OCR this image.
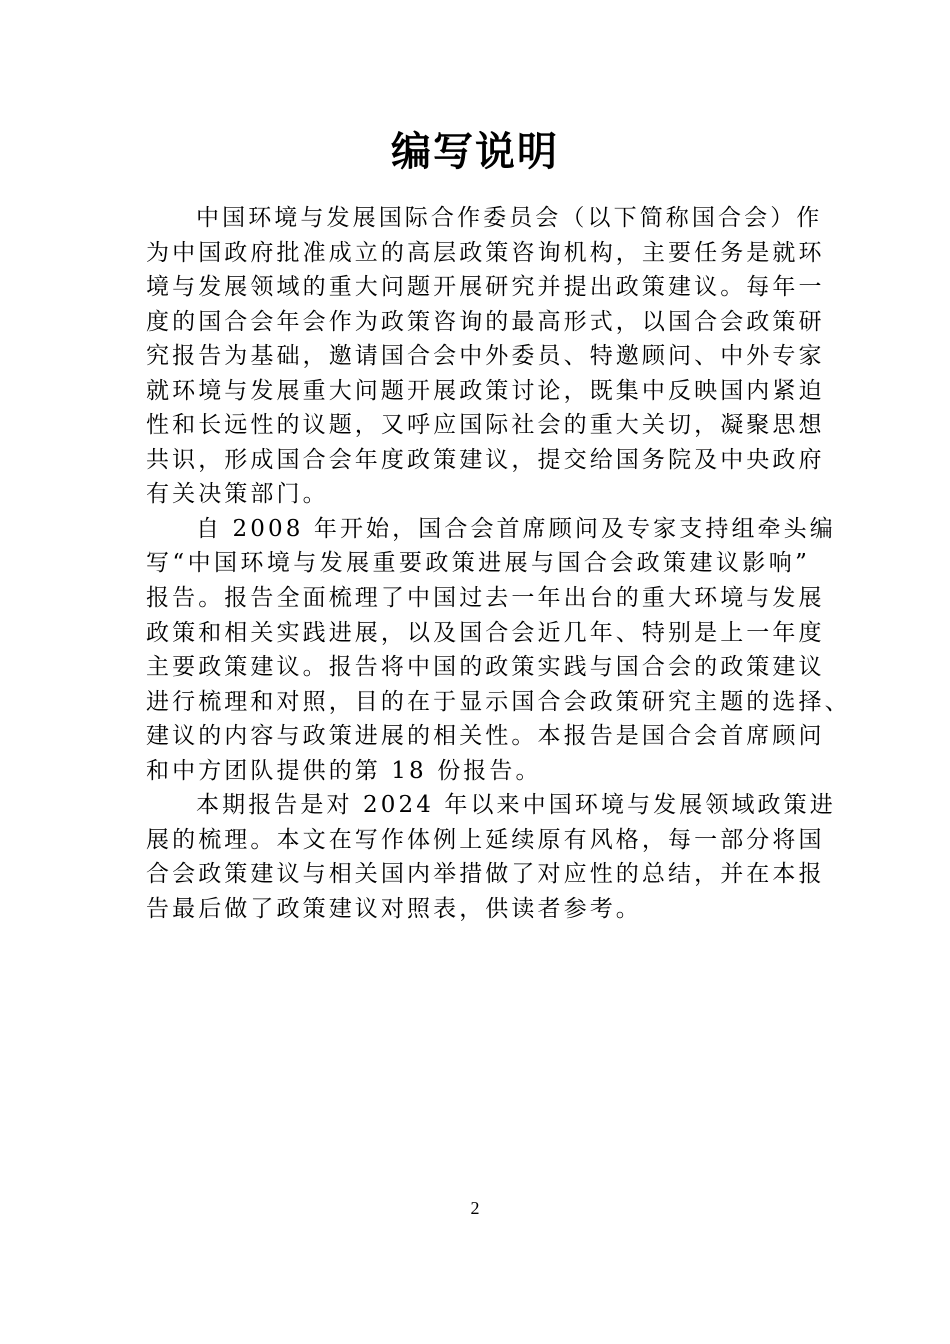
编写说明
中国环境与发展国际合作委员会（以下简称国合会）作
为中国政府批准成立的高层政策咨询机构，主要任务是就环
境与发展领域的重大问题开展研究并提出政策建议。每年一
度的国合会年会作为政策咨询的最高形式，以国合会政策研
究报告为基础，邀请国合会中外委员、特邀顾问、中外专家
就环境与发展重大问题开展政策讨论，既集中反映国内紧迫
性和长远性的议题，又呼应国际社会的重大关切，凝聚思想
共识，形成国合会年度政策建议，提交给国务院及中央政府
有关决策部门。
自 2008 年开始，国合会首席顾问及专家支持组牵头编
写“中国环境与发展重要政策进展与国合会政策建议影响”
报告。报告全面梳理了中国过去一年出台的重大环境与发展
政策和相关实践进展，以及国合会近几年、特别是上一年度
主要政策建议。报告将中国的政策实践与国合会的政策建议
进行梳理和对照，目的在于显示国合会政策研究主题的选择、
建议的内容与政策进展的相关性。本报告是国合会首席顾问
和中方团队提供的第 18 份报告。
本期报告是对 2024 年以来中国环境与发展领域政策进
展的梳理。本文在写作体例上延续原有风格，每一部分将国
合会政策建议与相关国内举措做了对应性的总结，并在本报
告最后做了政策建议对照表，供读者参考。
2
